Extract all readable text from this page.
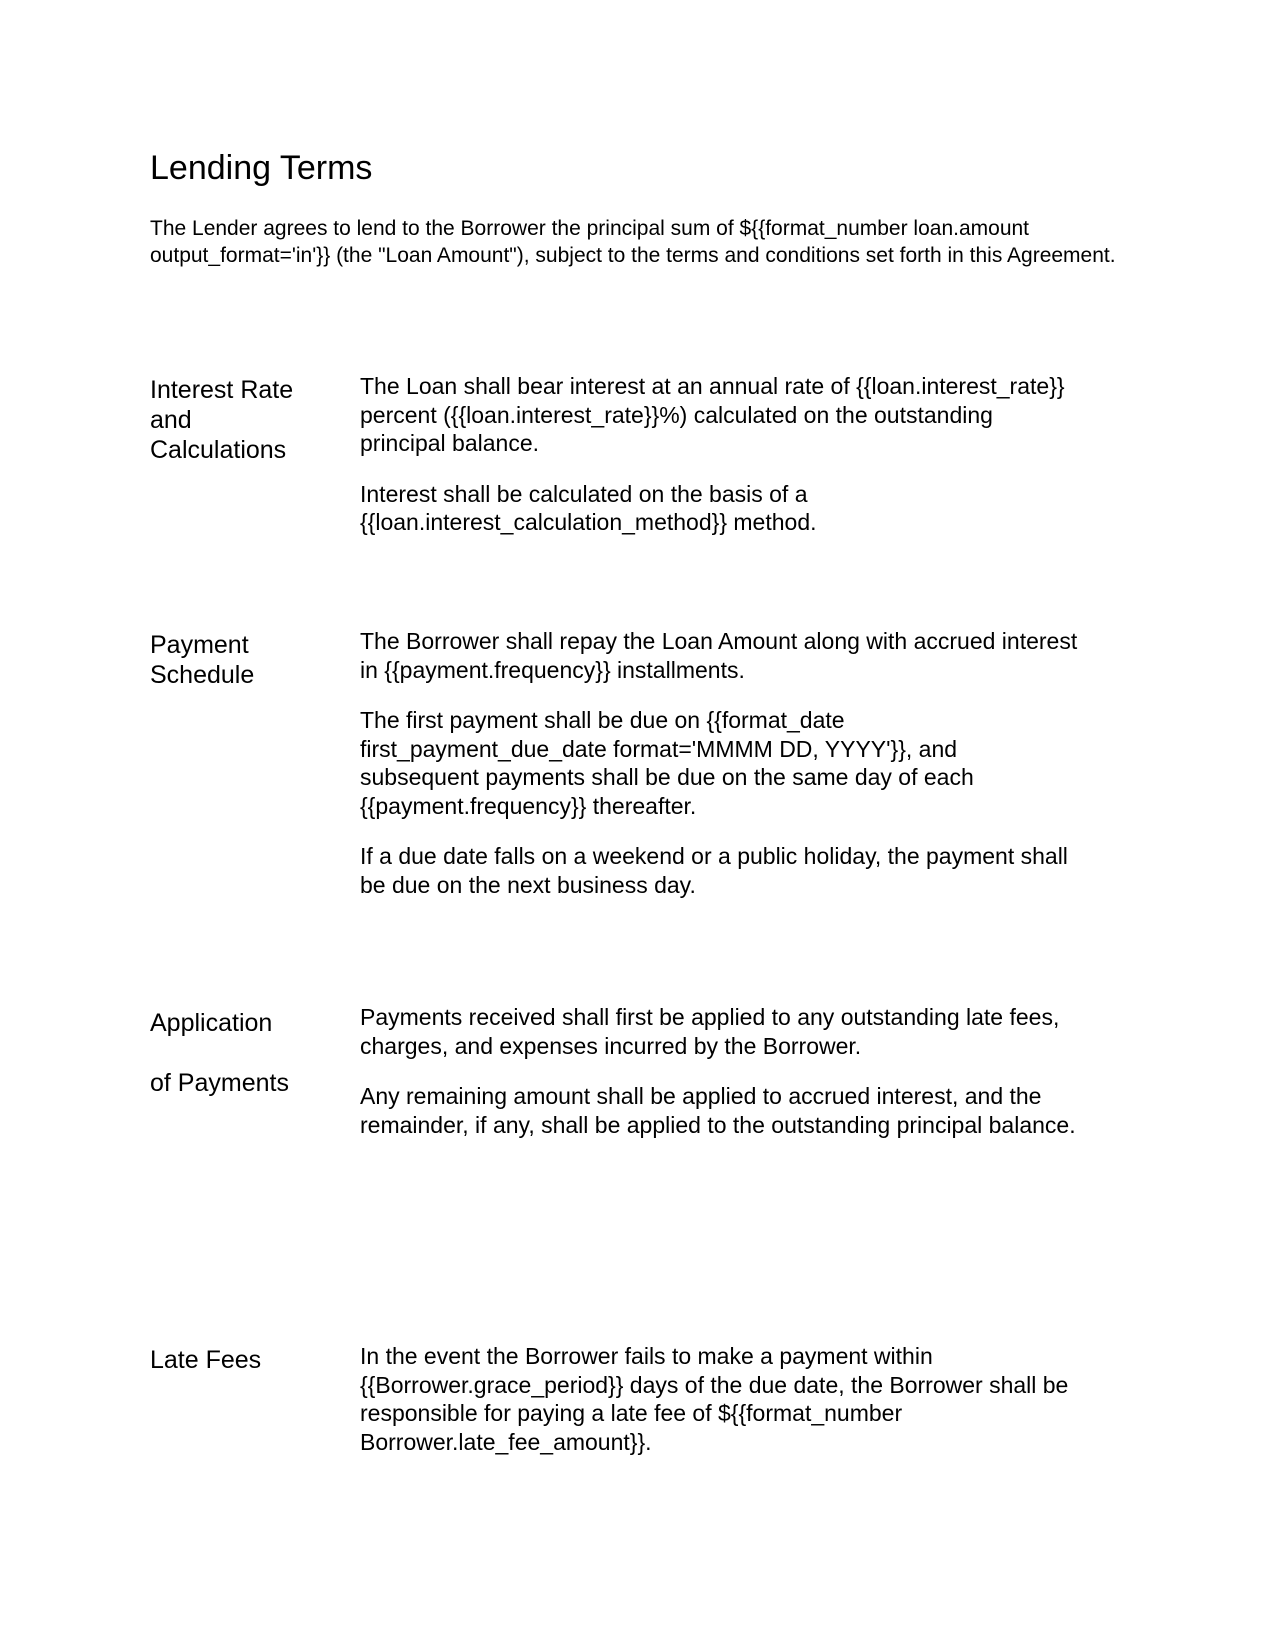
Lending Terms

The Lender agrees to lend to the Borrower the principal sum of ${{format_number loan.amount output_format='in'}} (the "Loan Amount"), subject to the terms and conditions set forth in this Agreement.

Interest Rate
and
Calculations

The Loan shall bear interest at an annual rate of {{loan.interest_rate}} percent ({{loan.interest_rate}}%) calculated on the outstanding principal balance.

Interest shall be calculated on the basis of a {{loan.interest_calculation_method}} method.

Payment
Schedule

The Borrower shall repay the Loan Amount along with accrued interest in {{payment.frequency}} installments.

The first payment shall be due on {{format_date first_payment_due_date format='MMMM DD, YYYY'}}, and subsequent payments shall be due on the same day of each {{payment.frequency}} thereafter.

If a due date falls on a weekend or a public holiday, the payment shall be due on the next business day.

Application
of Payments

Payments received shall first be applied to any outstanding late fees, charges, and expenses incurred by the Borrower.

Any remaining amount shall be applied to accrued interest, and the remainder, if any, shall be applied to the outstanding principal balance.

Late Fees	In the event the Borrower fails to make a payment within {{Borrower.grace_period}} days of the due date, the Borrower shall be responsible for paying a late fee of ${{format_number Borrower.late_fee_amount}}.
